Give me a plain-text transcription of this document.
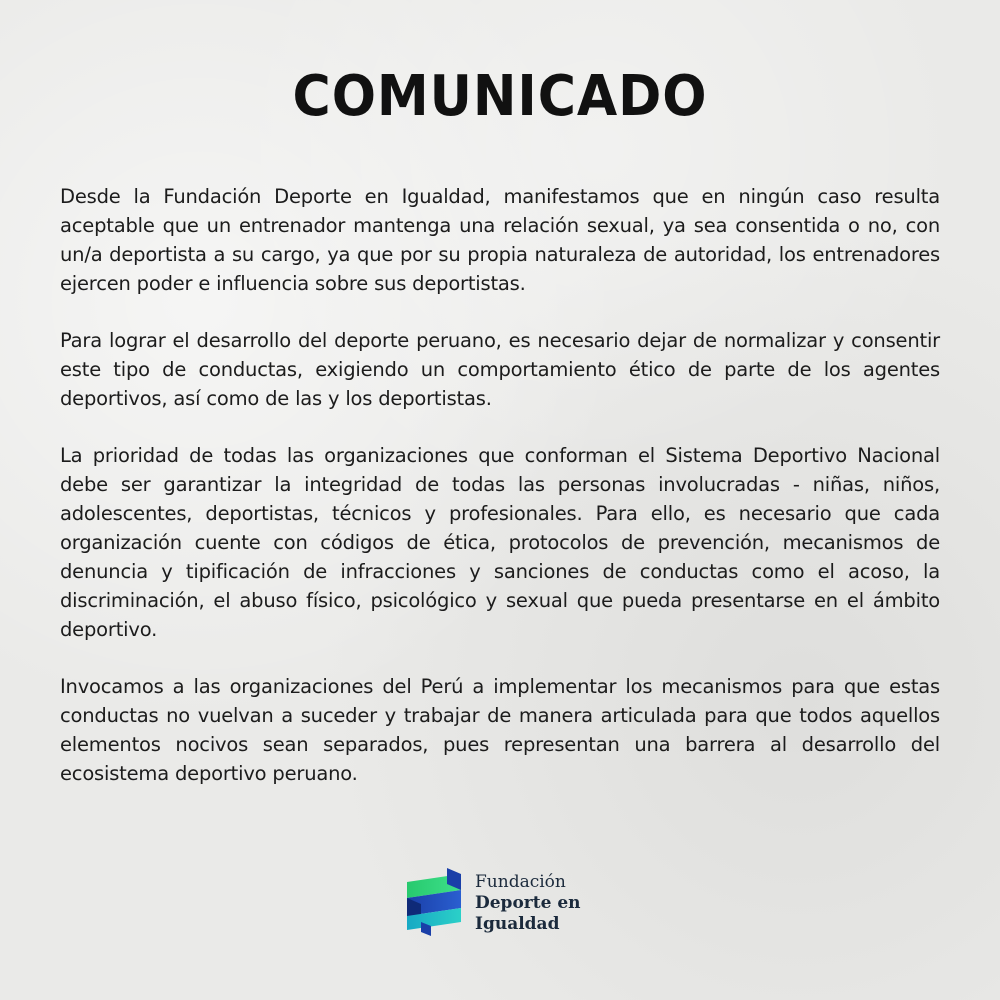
COMUNICADO

Desde la Fundación Deporte en Igualdad, manifestamos que en ningún caso resulta aceptable que un entrenador mantenga una relación sexual, ya sea consentida o no, con un/a deportista a su cargo, ya que por su propia naturaleza de autoridad, los entrenadores ejercen poder e influencia sobre sus deportistas.

Para lograr el desarrollo del deporte peruano, es necesario dejar de normalizar y consentir este tipo de conductas, exigiendo un comportamiento ético de parte de los agentes deportivos, así como de las y los deportistas.

La prioridad de todas las organizaciones que conforman el Sistema Deportivo Nacional debe ser garantizar la integridad de todas las personas involucradas - niñas, niños, adolescentes, deportistas, técnicos y profesionales. Para ello, es necesario que cada organización cuente con códigos de ética, protocolos de prevención, mecanismos de denuncia y tipificación de infracciones y sanciones de conductas como el acoso, la discriminación, el abuso físico, psicológico y sexual que pueda presentarse en el ámbito deportivo.

Invocamos a las organizaciones del Perú a implementar los mecanismos para que estas conductas no vuelvan a suceder y trabajar de manera articulada para que todos aquellos elementos nocivos sean separados, pues representan una barrera al desarrollo del ecosistema deportivo peruano.

Fundación
Deporte en
Igualdad
